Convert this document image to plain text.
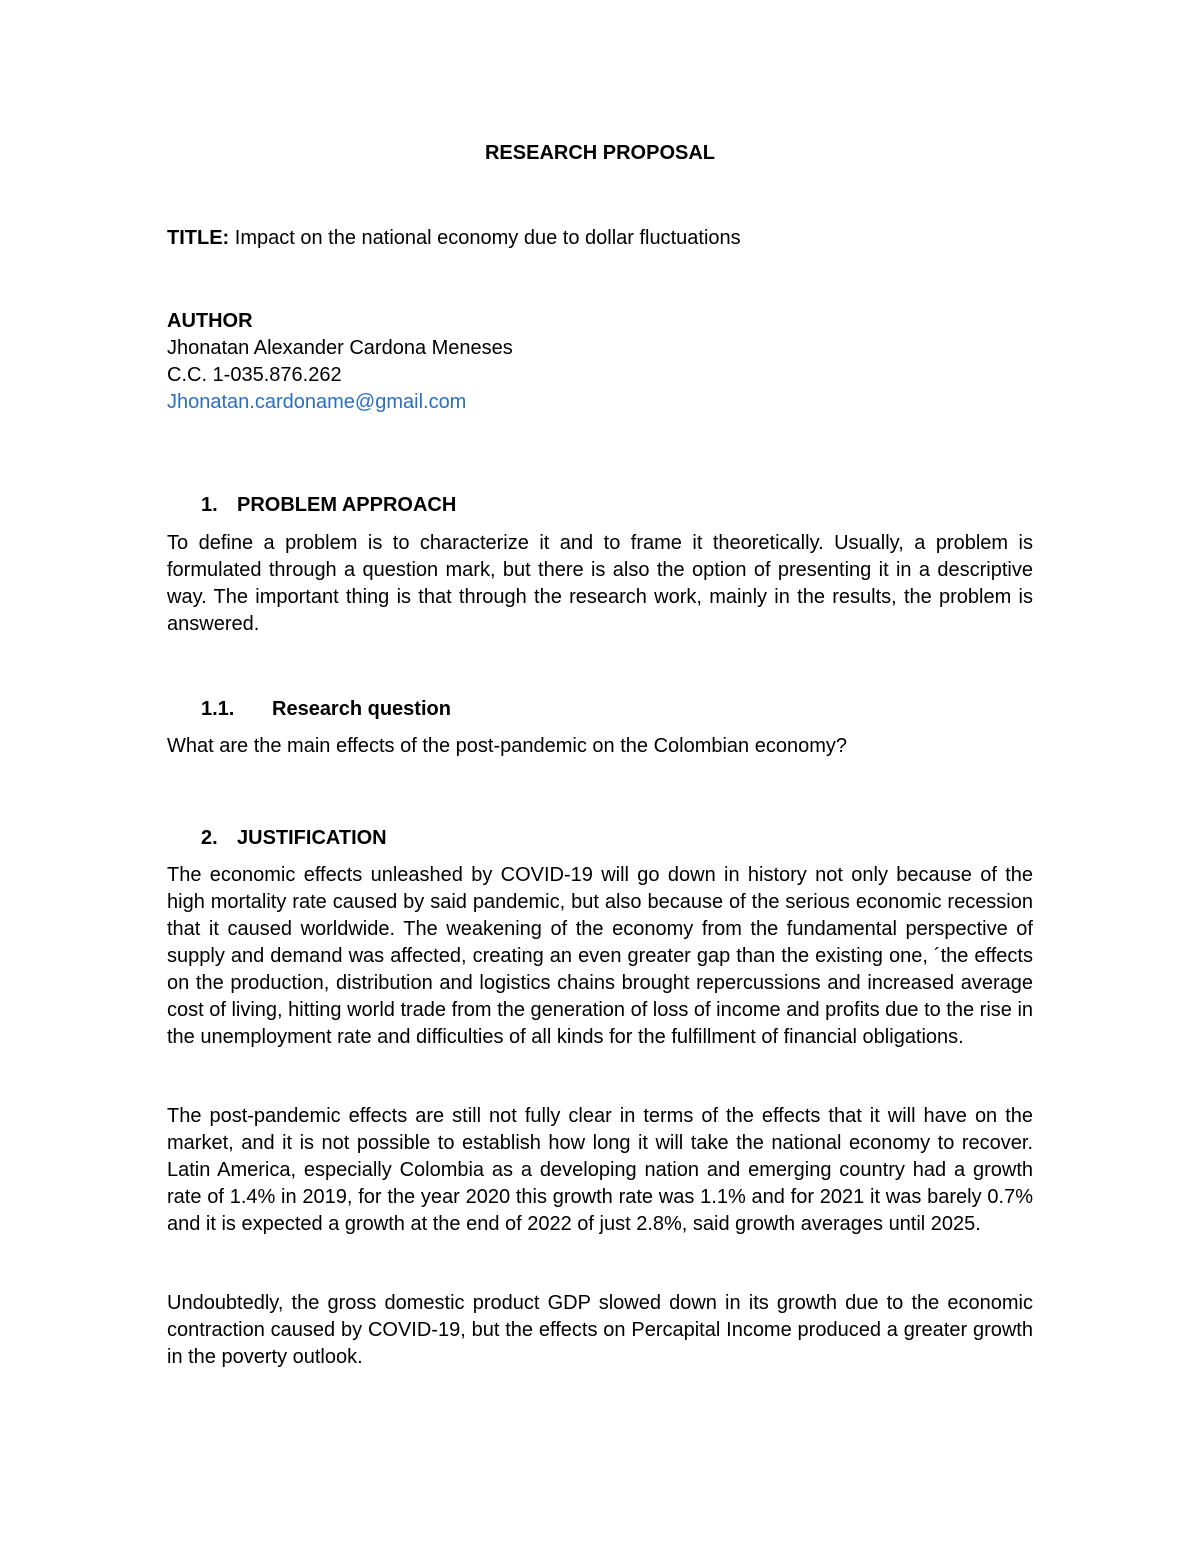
RESEARCH PROPOSAL
TITLE: Impact on the national economy due to dollar fluctuations
AUTHOR
Jhonatan Alexander Cardona Meneses
C.C. 1-035.876.262
Jhonatan.cardoname@gmail.com
1. PROBLEM APPROACH
To define a problem is to characterize it and to frame it theoretically. Usually, a problem is formulated through a question mark, but there is also the option of presenting it in a descriptive way. The important thing is that through the research work, mainly in the results, the problem is answered.
1.1. Research question
What are the main effects of the post-pandemic on the Colombian economy?
2. JUSTIFICATION
The economic effects unleashed by COVID-19 will go down in history not only because of the high mortality rate caused by said pandemic, but also because of the serious economic recession that it caused worldwide. The weakening of the economy from the fundamental perspective of supply and demand was affected, creating an even greater gap than the existing one, ´the effects on the production, distribution and logistics chains brought repercussions and increased average cost of living, hitting world trade from the generation of loss of income and profits due to the rise in the unemployment rate and difficulties of all kinds for the fulfillment of financial obligations.
The post-pandemic effects are still not fully clear in terms of the effects that it will have on the market, and it is not possible to establish how long it will take the national economy to recover. Latin America, especially Colombia as a developing nation and emerging country had a growth rate of 1.4% in 2019, for the year 2020 this growth rate was 1.1% and for 2021 it was barely 0.7% and it is expected a growth at the end of 2022 of just 2.8%, said growth averages until 2025.
Undoubtedly, the gross domestic product GDP slowed down in its growth due to the economic contraction caused by COVID-19, but the effects on Percapital Income produced a greater growth in the poverty outlook.
